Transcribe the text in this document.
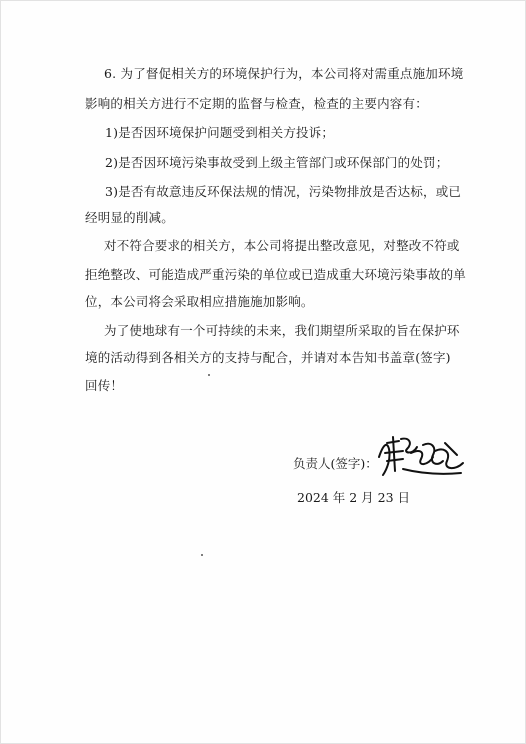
6. 为了督促相关方的环境保护行为，本公司将对需重点施加环境
影响的相关方进行不定期的监督与检查，检查的主要内容有：
1)是否因环境保护问题受到相关方投诉；
2)是否因环境污染事故受到上级主管部门或环保部门的处罚；
3)是否有故意违反环保法规的情况，污染物排放是否达标，或已
经明显的削减。
对不符合要求的相关方，本公司将提出整改意见，对整改不符或
拒绝整改、可能造成严重污染的单位或已造成重大环境污染事故的单
位，本公司将会采取相应措施施加影响。
为了使地球有一个可持续的未来，我们期望所采取的旨在保护环
境的活动得到各相关方的支持与配合，并请对本告知书盖章(签字)
回传！
负责人(签字)：
2024 年 2 月 23 日
